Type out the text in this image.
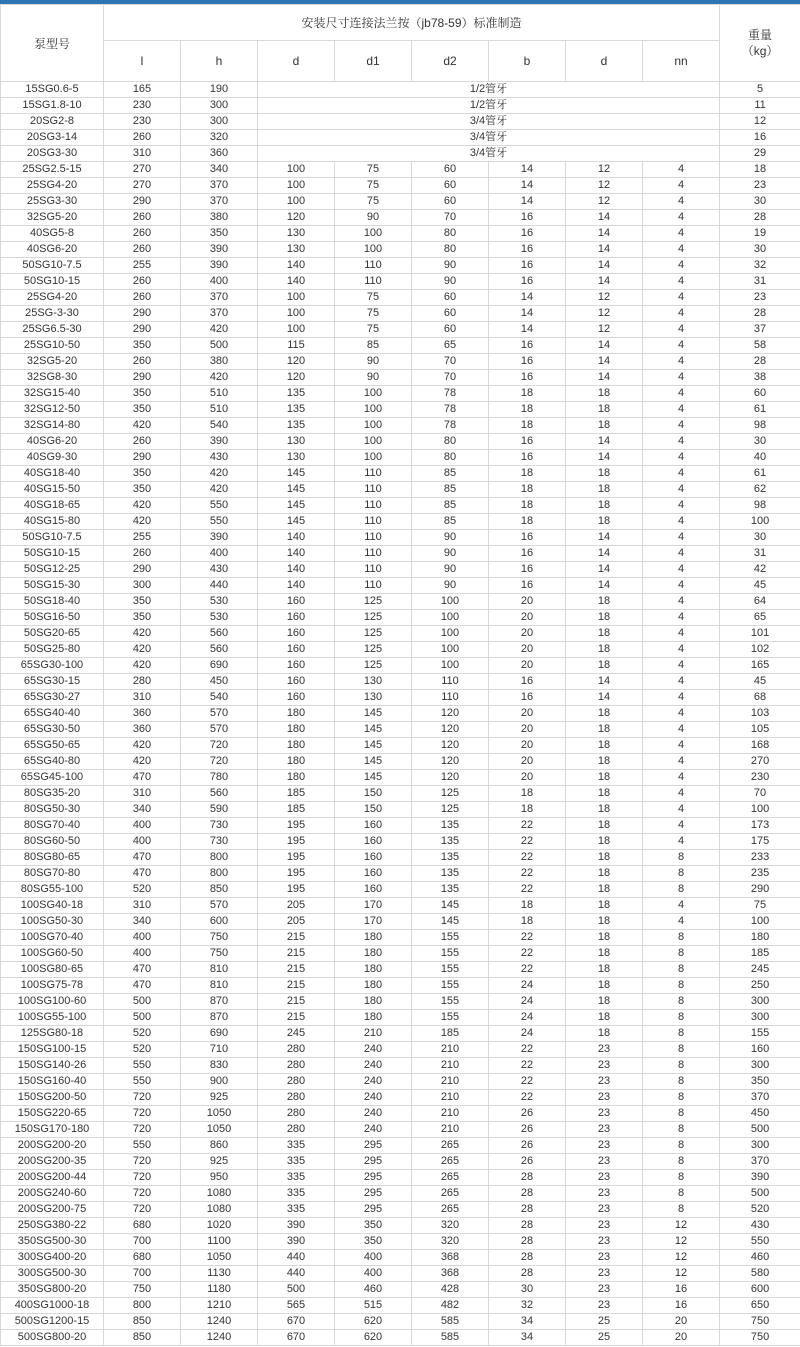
泵型号	安装尺寸连接法兰按（jb78-59）标准制造								重量
（kg）

	l	h	d	d1	d2	b	d	nn	
15SG0.6-5	165	190	1/2管牙						5
15SG1.8-10	230	300	1/2管牙						11
20SG2-8	230	300	3/4管牙						12
20SG3-14	260	320	3/4管牙						16
20SG3-30	310	360	3/4管牙						29
25SG2.5-15	270	340	100	75	60	14	12	4	18
25SG4-20	270	370	100	75	60	14	12	4	23
25SG3-30	290	370	100	75	60	14	12	4	30
32SG5-20	260	380	120	90	70	16	14	4	28
40SG5-8	260	350	130	100	80	16	14	4	19
40SG6-20	260	390	130	100	80	16	14	4	30
50SG10-7.5	255	390	140	110	90	16	14	4	32
50SG10-15	260	400	140	110	90	16	14	4	31
25SG4-20	260	370	100	75	60	14	12	4	23
25SG-3-30	290	370	100	75	60	14	12	4	28
25SG6.5-30	290	420	100	75	60	14	12	4	37
25SG10-50	350	500	115	85	65	16	14	4	58
32SG5-20	260	380	120	90	70	16	14	4	28
32SG8-30	290	420	120	90	70	16	14	4	38
32SG15-40	350	510	135	100	78	18	18	4	60
32SG12-50	350	510	135	100	78	18	18	4	61
32SG14-80	420	540	135	100	78	18	18	4	98
40SG6-20	260	390	130	100	80	16	14	4	30
40SG9-30	290	430	130	100	80	16	14	4	40
40SG18-40	350	420	145	110	85	18	18	4	61
40SG15-50	350	420	145	110	85	18	18	4	62
40SG18-65	420	550	145	110	85	18	18	4	98
40SG15-80	420	550	145	110	85	18	18	4	100
50SG10-7.5	255	390	140	110	90	16	14	4	30
50SG10-15	260	400	140	110	90	16	14	4	31
50SG12-25	290	430	140	110	90	16	14	4	42
50SG15-30	300	440	140	110	90	16	14	4	45
50SG18-40	350	530	160	125	100	20	18	4	64
50SG16-50	350	530	160	125	100	20	18	4	65
50SG20-65	420	560	160	125	100	20	18	4	101
50SG25-80	420	560	160	125	100	20	18	4	102
65SG30-100	420	690	160	125	100	20	18	4	165
65SG30-15	280	450	160	130	110	16	14	4	45
65SG30-27	310	540	160	130	110	16	14	4	68
65SG40-40	360	570	180	145	120	20	18	4	103
65SG30-50	360	570	180	145	120	20	18	4	105
65SG50-65	420	720	180	145	120	20	18	4	168
65SG40-80	420	720	180	145	120	20	18	4	270
65SG45-100	470	780	180	145	120	20	18	4	230
80SG35-20	310	560	185	150	125	18	18	4	70
80SG50-30	340	590	185	150	125	18	18	4	100
80SG70-40	400	730	195	160	135	22	18	4	173
80SG60-50	400	730	195	160	135	22	18	4	175
80SG80-65	470	800	195	160	135	22	18	8	233
80SG70-80	470	800	195	160	135	22	18	8	235
80SG55-100	520	850	195	160	135	22	18	8	290
100SG40-18	310	570	205	170	145	18	18	4	75
100SG50-30	340	600	205	170	145	18	18	4	100
100SG70-40	400	750	215	180	155	22	18	8	180
100SG60-50	400	750	215	180	155	22	18	8	185
100SG80-65	470	810	215	180	155	22	18	8	245
100SG75-78	470	810	215	180	155	24	18	8	250
100SG100-60	500	870	215	180	155	24	18	8	300
100SG55-100	500	870	215	180	155	24	18	8	300
125SG80-18	520	690	245	210	185	24	18	8	155
150SG100-15	520	710	280	240	210	22	23	8	160
150SG140-26	550	830	280	240	210	22	23	8	300
150SG160-40	550	900	280	240	210	22	23	8	350
150SG200-50	720	925	280	240	210	22	23	8	370
150SG220-65	720	1050	280	240	210	26	23	8	450
150SG170-180	720	1050	280	240	210	26	23	8	500
200SG200-20	550	860	335	295	265	26	23	8	300
200SG200-35	720	925	335	295	265	26	23	8	370
200SG200-44	720	950	335	295	265	28	23	8	390
200SG240-60	720	1080	335	295	265	28	23	8	500
200SG200-75	720	1080	335	295	265	28	23	8	520
250SG380-22	680	1020	390	350	320	28	23	12	430
350SG500-30	700	1100	390	350	320	28	23	12	550
300SG400-20	680	1050	440	400	368	28	23	12	460
300SG500-30	700	1130	440	400	368	28	23	12	580
350SG800-20	750	1180	500	460	428	30	23	16	600
400SG1000-18	800	1210	565	515	482	32	23	16	650
500SG1200-15	850	1240	670	620	585	34	25	20	750
500SG800-20	850	1240	670	620	585	34	25	20	750
